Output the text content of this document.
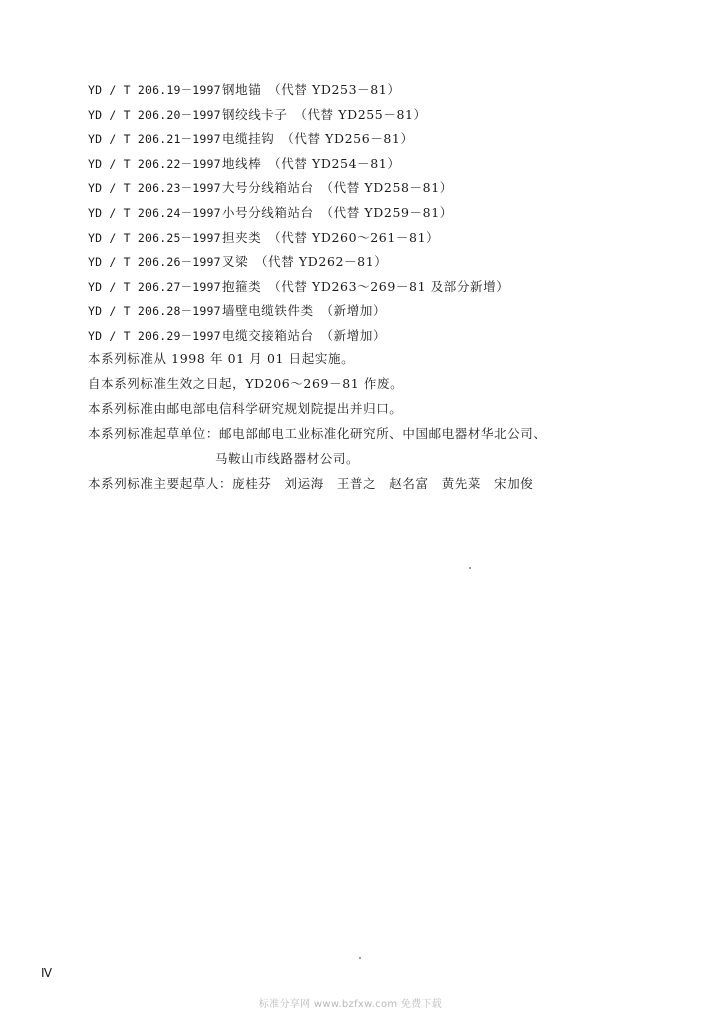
YD / T 206.19－1997 钢地锚　（代替 YD253－81）
YD / T 206.20－1997 钢绞线卡子　（代替 YD255－81）
YD / T 206.21－1997 电缆挂钩　（代替 YD256－81）
YD / T 206.22－1997 地线棒　（代替 YD254－81）
YD / T 206.23－1997 大号分线箱站台　（代替 YD258－81）
YD / T 206.24－1997 小号分线箱站台　（代替 YD259－81）
YD / T 206.25－1997 担夹类　（代替 YD260～261－81）
YD / T 206.26－1997 叉梁　（代替 YD262－81）
YD / T 206.27－1997 抱箍类　（代替 YD263～269－81 及部分新增）
YD / T 206.28－1997 墙壁电缆铁件类　（新增加）
YD / T 206.29－1997 电缆交接箱站台　（新增加）
本系列标准从 1998 年 01 月 01 日起实施。
自本系列标准生效之日起，YD206～269－81 作废。
本系列标准由邮电部电信科学研究规划院提出并归口。
本系列标准起草单位：邮电部邮电工业标准化研究所、中国邮电器材华北公司、
马鞍山市线路器材公司。
本系列标准主要起草人：庞桂芬　刘运海　王普之　赵名富　黄先菜　宋加俊
Ⅳ
标准分享网 www.bzfxw.com 免费下载
